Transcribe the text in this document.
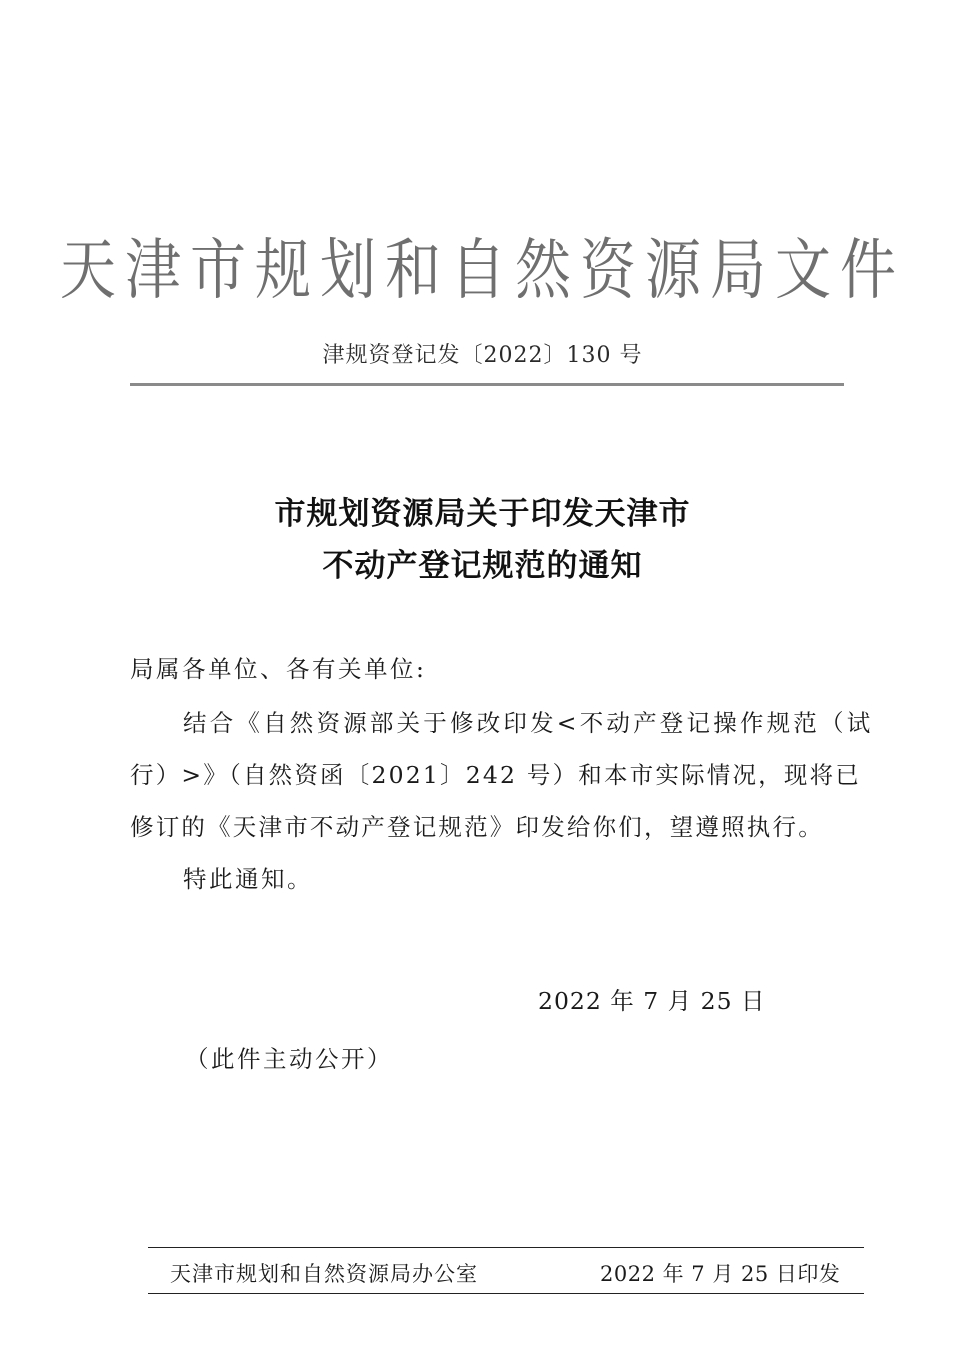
天津市规划和自然资源局文件
津规资登记发〔2022〕130 号
市规划资源局关于印发天津市
不动产登记规范的通知
局属各单位、各有关单位:
结合《自然资源部关于修改印发<不动产登记操作规范（试
行）>》（自然资函〔2021〕242 号）和本市实际情况，现将已
修订的《天津市不动产登记规范》印发给你们，望遵照执行。
特此通知。
2022 年 7 月 25 日
（此件主动公开）
天津市规划和自然资源局办公室	2022 年 7 月 25 日印发
